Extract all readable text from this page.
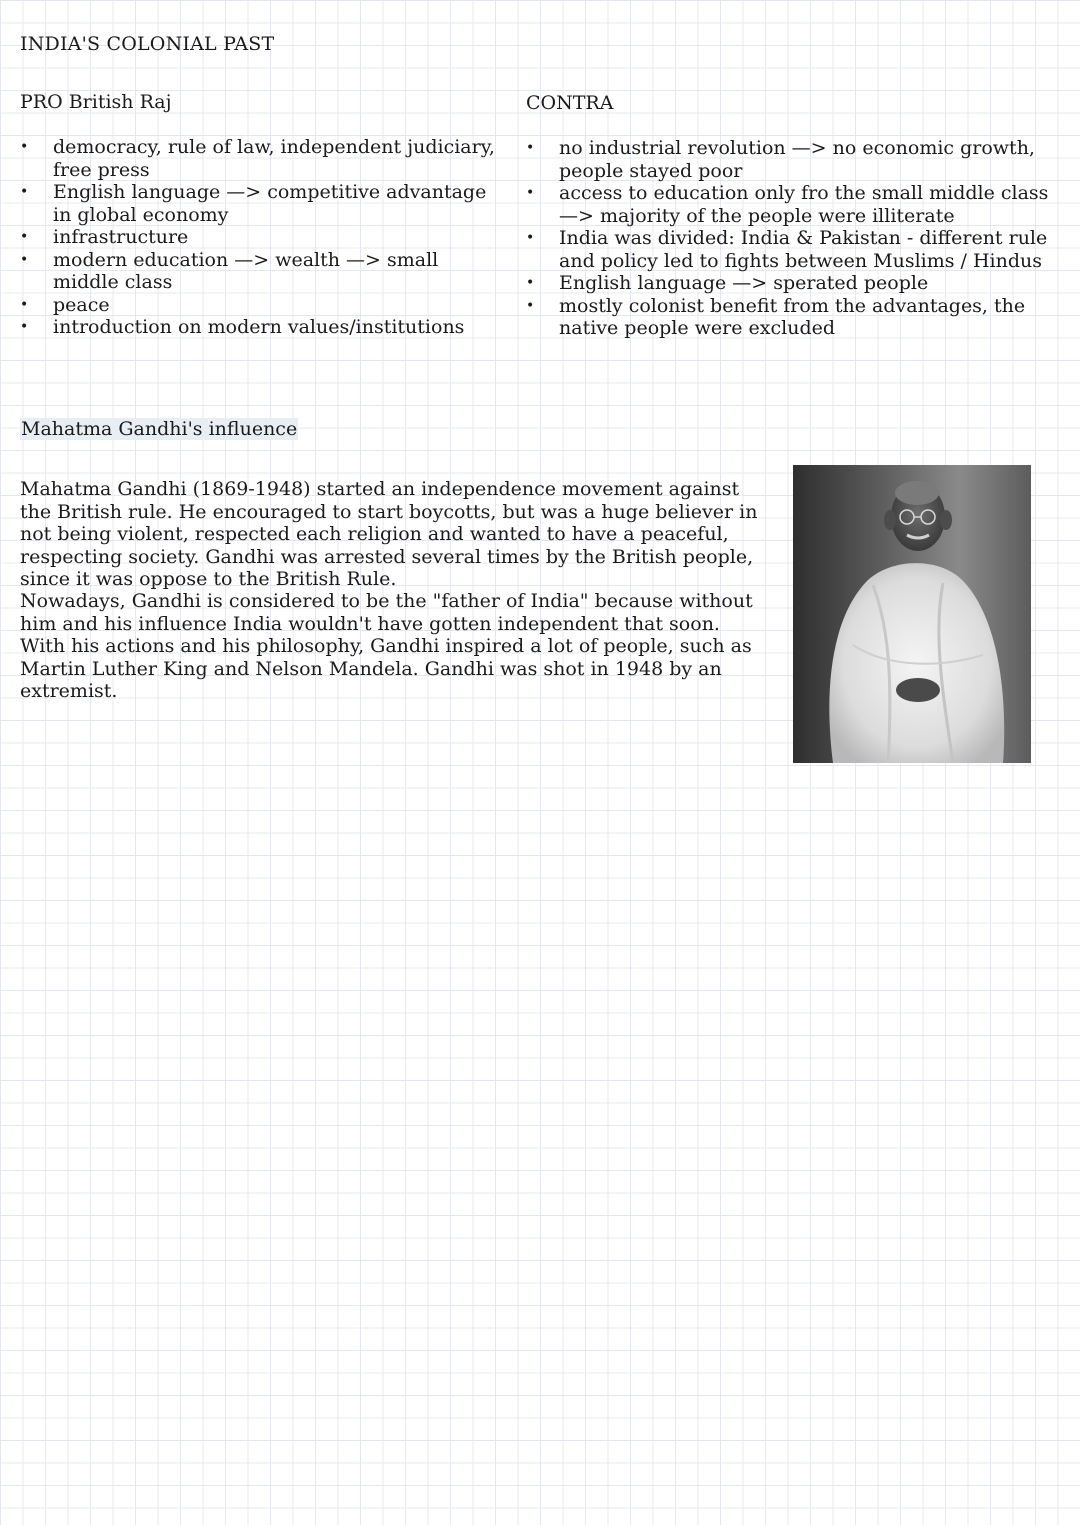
INDIA'S COLONIAL PAST
PRO British Raj	CONTRA
• democracy, rule of law, independent judiciary, free press
• English language —> competitive advantage in global economy
• infrastructure
• modern education —> wealth —> small middle class
• peace
• introduction on modern values/institutions
• no industrial revolution —> no economic growth, people stayed poor
• access to education only fro the small middle class —> majority of the people were illiterate
• India was divided: India & Pakistan - different rule and policy led to fights between Muslims / Hindus
• English language —> sperated people
• mostly colonist benefit from the advantages, the native people were excluded
Mahatma Gandhi's influence

Mahatma Gandhi (1869-1948) started an independence movement against the British rule. He encouraged to start boycotts, but was a huge believer in not being violent, respected each religion and wanted to have a peaceful, respecting society. Gandhi was arrested several times by the British people, since it was oppose to the British Rule.

Nowadays, Gandhi is considered to be the "father of India" because without him and his influence India wouldn't have gotten independent that soon. With his actions and his philosophy, Gandhi inspired a lot of people, such as Martin Luther King and Nelson Mandela. Gandhi was shot in 1948 by an extremist.
